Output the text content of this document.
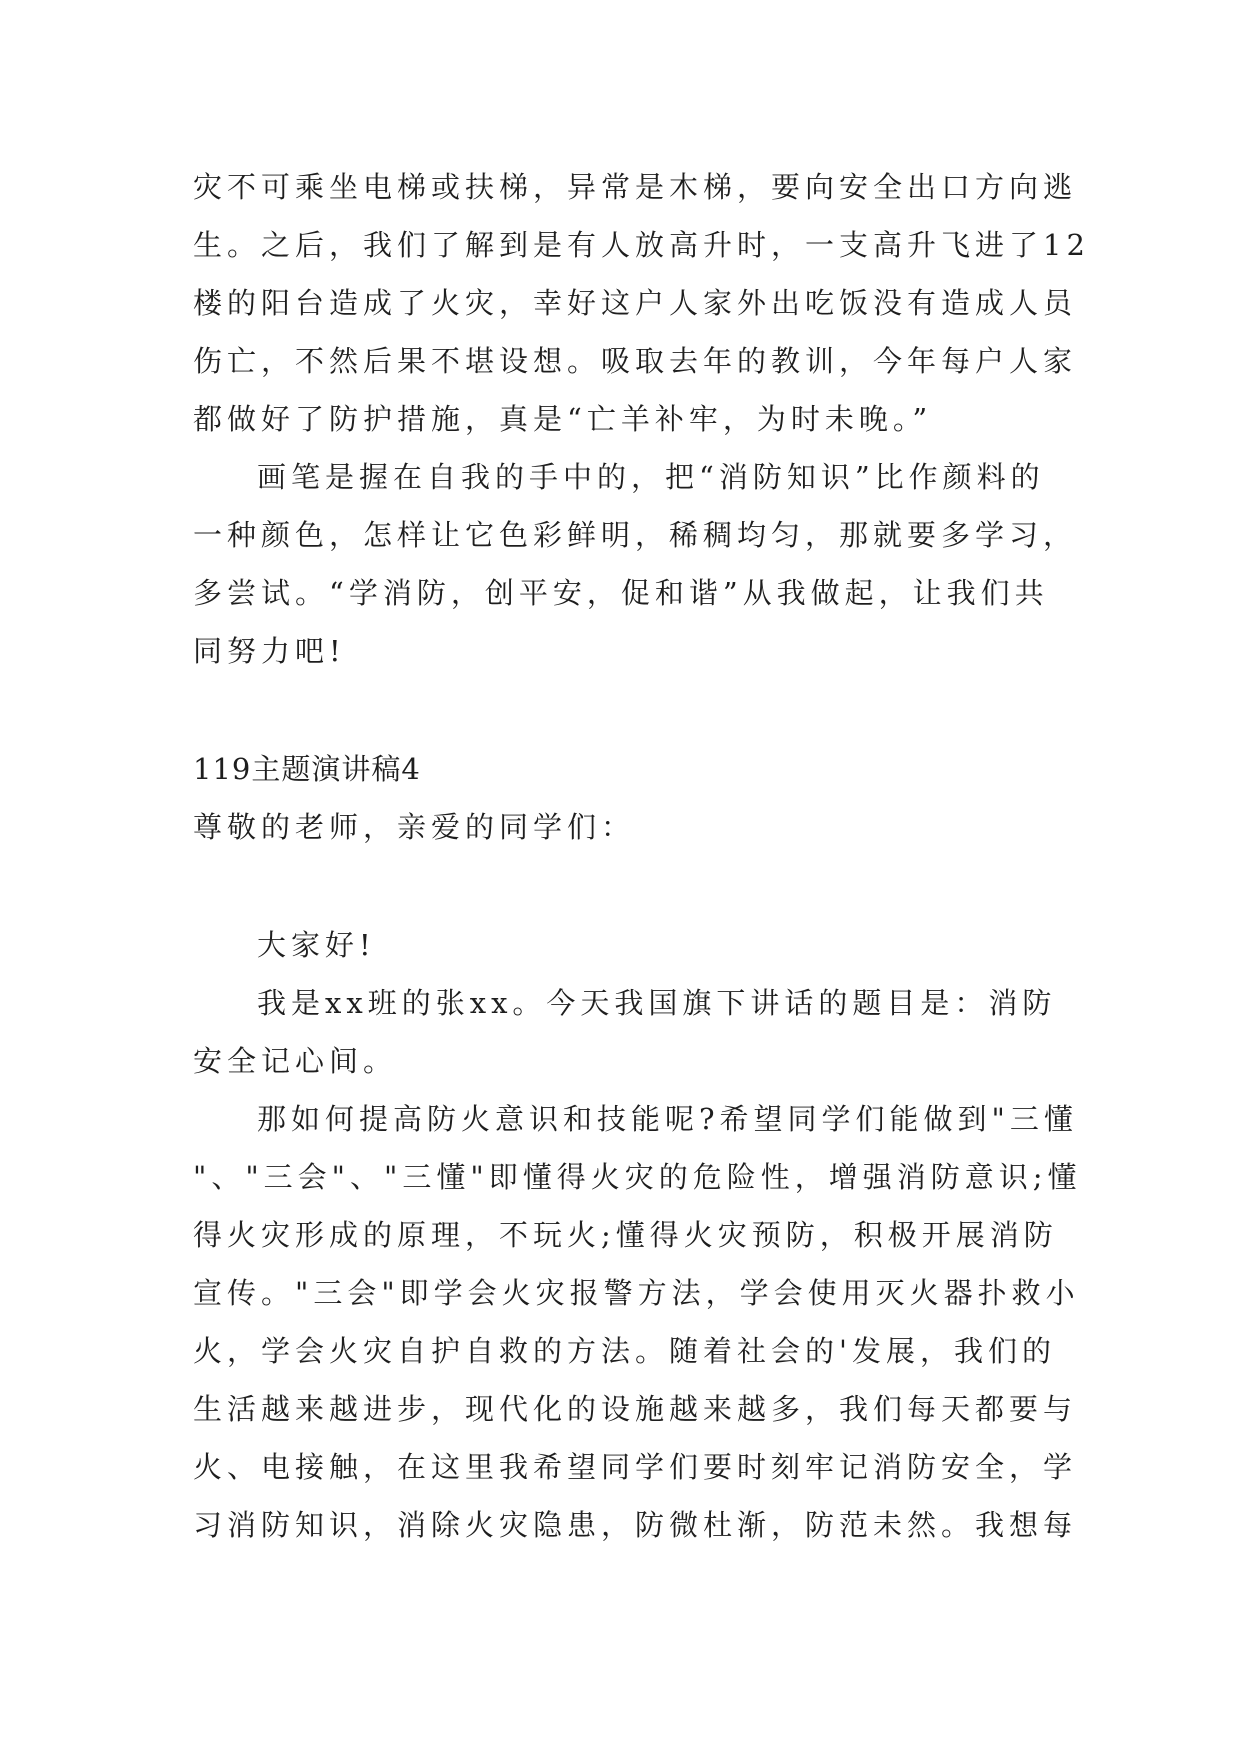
灾不可乘坐电梯或扶梯，异常是木梯，要向安全出口方向逃
生。之后，我们了解到是有人放高升时，一支高升飞进了12
楼的阳台造成了火灾，幸好这户人家外出吃饭没有造成人员
伤亡，不然后果不堪设想。吸取去年的教训，今年每户人家
都做好了防护措施，真是“亡羊补牢，为时未晚。”
画笔是握在自我的手中的，把“消防知识”比作颜料的
一种颜色，怎样让它色彩鲜明，稀稠均匀，那就要多学习，
多尝试。“学消防，创平安，促和谐”从我做起，让我们共
同努力吧!
119主题演讲稿4
尊敬的老师，亲爱的同学们：
大家好!
我是xx班的张xx。今天我国旗下讲话的题目是：消防
安全记心间。
那如何提高防火意识和技能呢?希望同学们能做到"三懂
"、"三会"、"三懂"即懂得火灾的危险性，增强消防意识;懂
得火灾形成的原理，不玩火;懂得火灾预防，积极开展消防
宣传。"三会"即学会火灾报警方法，学会使用灭火器扑救小
火，学会火灾自护自救的方法。随着社会的'发展，我们的
生活越来越进步，现代化的设施越来越多，我们每天都要与
火、电接触，在这里我希望同学们要时刻牢记消防安全，学
习消防知识，消除火灾隐患，防微杜渐，防范未然。我想每
